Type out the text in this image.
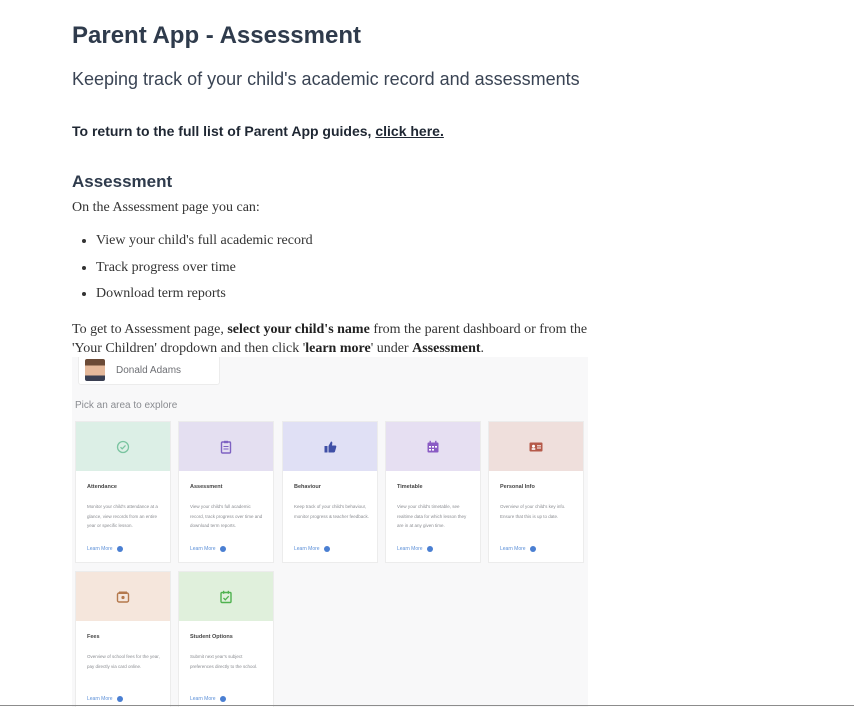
Parent App - Assessment

Keeping track of your child's academic record and assessments

To return to the full list of Parent App guides, click here.

Assessment

On the Assessment page you can:

• View your child's full academic record
• Track progress over time
• Download term reports

To get to Assessment page, select your child's name from the parent dashboard or from the 'Your Children' dropdown and then click 'learn more' under Assessment.

Donald Adams
Pick an area to explore
Attendance
Monitor your child's attendance at a glance, view records from an entire year or specific lesson.
Learn More
Assessment
View your child's full academic record, track progress over time and download term reports.
Learn More
Behaviour
Keep track of your child's behaviour, monitor progress & teacher feedback.
Learn More
Timetable
View your child's timetable, see realtime data for which lesson they are in at any given time.
Learn More
Personal Info
Overview of your child's key info. Ensure that this is up to date.
Learn More
Fees
Overview of school fees for the year, pay directly via card online.
Learn More
Student Options
Submit next year's subject preferences directly to the school.
Learn More
